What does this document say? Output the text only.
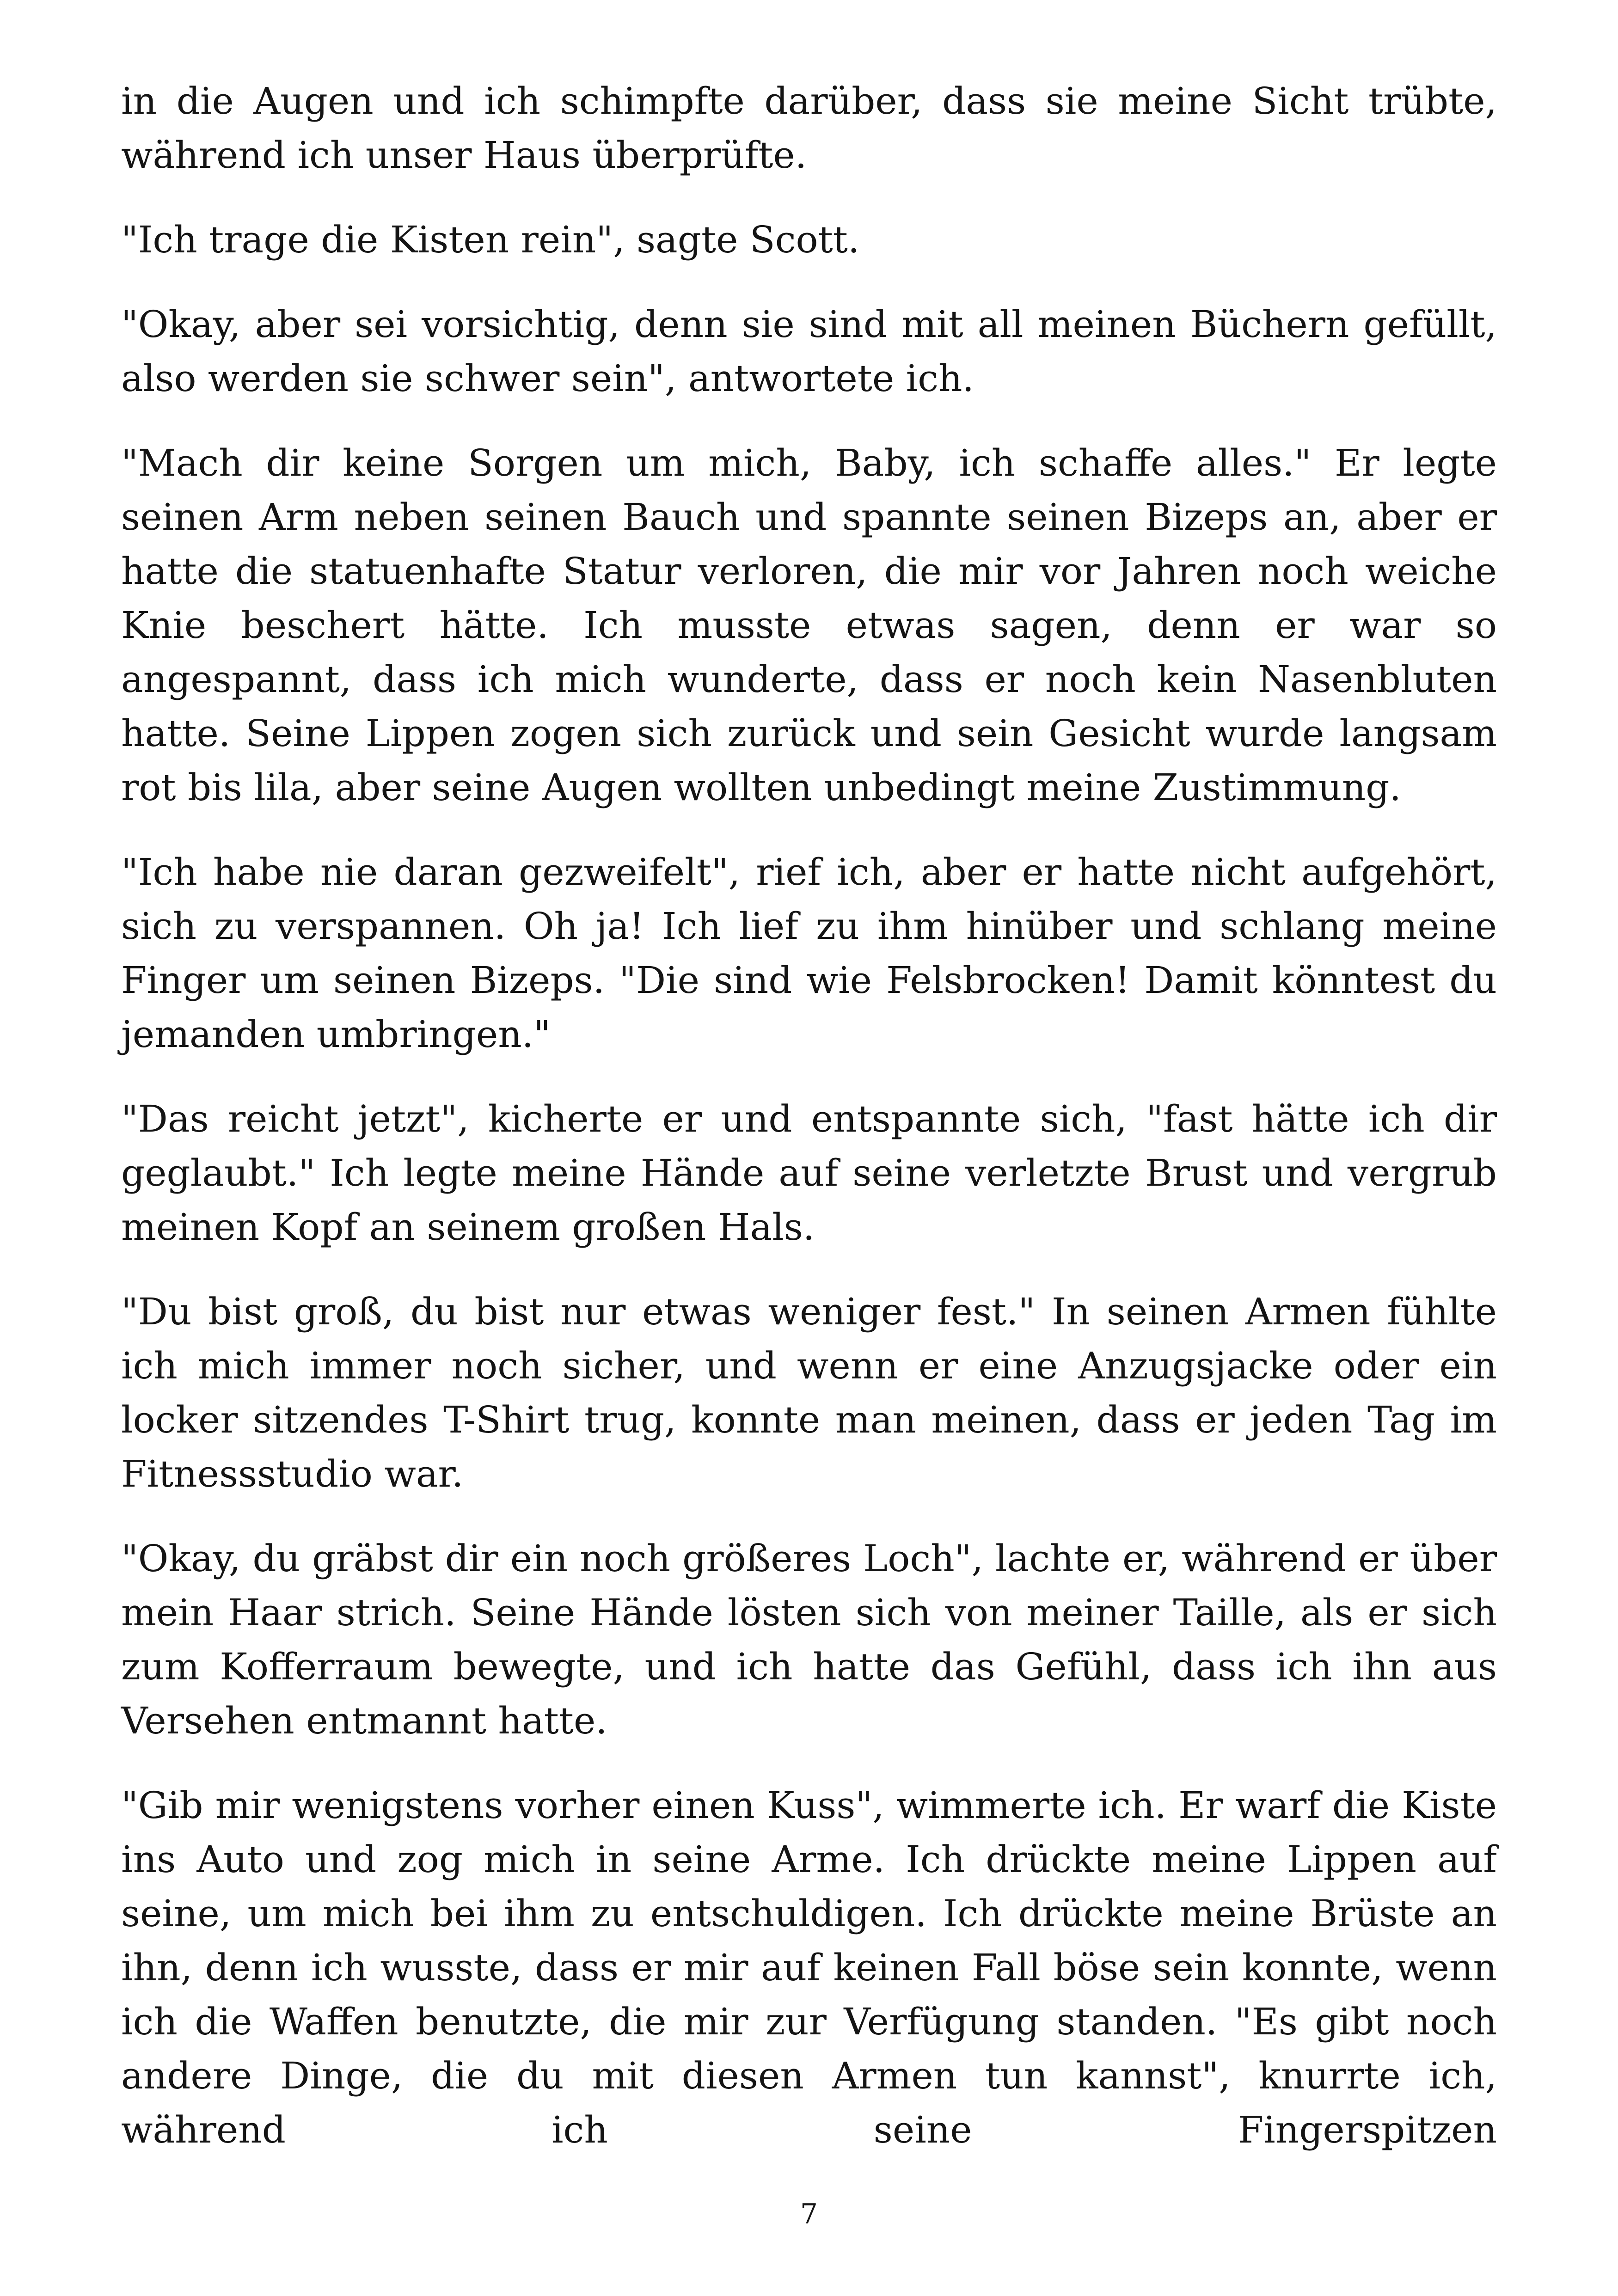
in die Augen und ich schimpfte darüber, dass sie meine Sicht trübte, während ich unser Haus überprüfte.

"Ich trage die Kisten rein", sagte Scott.

"Okay, aber sei vorsichtig, denn sie sind mit all meinen Büchern gefüllt, also werden sie schwer sein", antwortete ich.

"Mach dir keine Sorgen um mich, Baby, ich schaffe alles." Er legte seinen Arm neben seinen Bauch und spannte seinen Bizeps an, aber er hatte die statuenhafte Statur verloren, die mir vor Jahren noch weiche Knie beschert hätte. Ich musste etwas sagen, denn er war so angespannt, dass ich mich wunderte, dass er noch kein Nasenbluten hatte. Seine Lippen zogen sich zurück und sein Gesicht wurde langsam rot bis lila, aber seine Augen wollten unbedingt meine Zustimmung.

"Ich habe nie daran gezweifelt", rief ich, aber er hatte nicht aufgehört, sich zu verspannen. Oh ja! Ich lief zu ihm hinüber und schlang meine Finger um seinen Bizeps. "Die sind wie Felsbrocken! Damit könntest du jemanden umbringen."

"Das reicht jetzt", kicherte er und entspannte sich, "fast hätte ich dir geglaubt." Ich legte meine Hände auf seine verletzte Brust und vergrub meinen Kopf an seinem großen Hals.

"Du bist groß, du bist nur etwas weniger fest." In seinen Armen fühlte ich mich immer noch sicher, und wenn er eine Anzugsjacke oder ein locker sitzendes T-Shirt trug, konnte man meinen, dass er jeden Tag im Fitnessstudio war.

"Okay, du gräbst dir ein noch größeres Loch", lachte er, während er über mein Haar strich. Seine Hände lösten sich von meiner Taille, als er sich zum Kofferraum bewegte, und ich hatte das Gefühl, dass ich ihn aus Versehen entmannt hatte.

"Gib mir wenigstens vorher einen Kuss", wimmerte ich. Er warf die Kiste ins Auto und zog mich in seine Arme. Ich drückte meine Lippen auf seine, um mich bei ihm zu entschuldigen. Ich drückte meine Brüste an ihn, denn ich wusste, dass er mir auf keinen Fall böse sein konnte, wenn ich die Waffen benutzte, die mir zur Verfügung standen. "Es gibt noch andere Dinge, die du mit diesen Armen tun kannst", knurrte ich, während ich seine Fingerspitzen

7
